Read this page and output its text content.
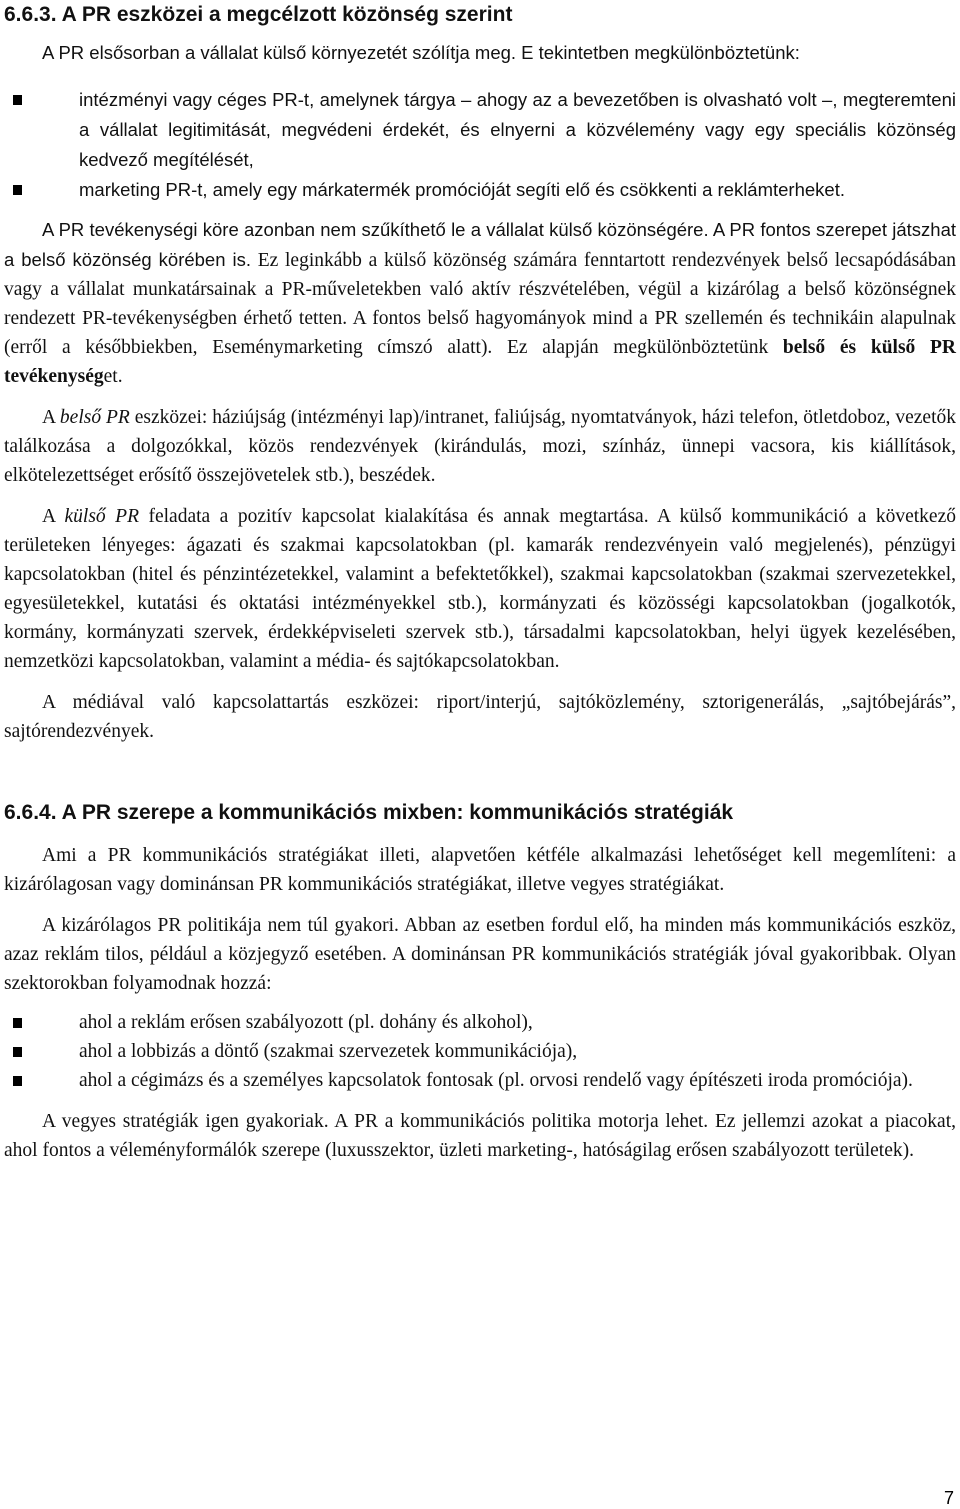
6.6.3. A PR eszközei a megcélzott közönség szerint

A PR elsősorban a vállalat külső környezetét szólítja meg. E tekintetben megkülönböztetünk:

intézményi vagy céges PR-t, amelynek tárgya – ahogy az a bevezetőben is olvasható volt –, megteremteni a vállalat legitimitását, megvédeni érdekét, és elnyerni a közvélemény vagy egy speciális közönség kedvező megítélését,
marketing PR-t, amely egy márkatermék promócióját segíti elő és csökkenti a reklámterheket.

A PR tevékenységi köre azonban nem szűkíthető le a vállalat külső közönségére. A PR fontos szerepet játszhat a belső közönség körében is. Ez leginkább a külső közönség számára fenntartott rendezvények belső lecsapódásában vagy a vállalat munkatársainak a PR-műveletekben való aktív részvételében, végül a kizárólag a belső közönségnek rendezett PR-tevékenységben érhető tetten. A fontos belső hagyományok mind a PR szellemén és technikáin alapulnak (erről a későbbiekben, Eseménymarketing címszó alatt). Ez alapján megkülönböztetünk belső és külső PR tevékenységet.

A belső PR eszközei: háziújság (intézményi lap)/intranet, faliújság, nyomtatványok, házi telefon, ötletdoboz, vezetők találkozása a dolgozókkal, közös rendezvények (kirándulás, mozi, színház, ünnepi vacsora, kis kiállítások, elkötelezettséget erősítő összejövetelek stb.), beszédek.

A külső PR feladata a pozitív kapcsolat kialakítása és annak megtartása. A külső kommunikáció a következő területeken lényeges: ágazati és szakmai kapcsolatokban (pl. kamarák rendezvényein való megjelenés), pénzügyi kapcsolatokban (hitel és pénzintézetekkel, valamint a befektetőkkel), szakmai kapcsolatokban (szakmai szervezetekkel, egyesületekkel, kutatási és oktatási intézményekkel stb.), kormányzati és közösségi kapcsolatokban (jogalkotók, kormány, kormányzati szervek, érdekképviseleti szervek stb.), társadalmi kapcsolatokban, helyi ügyek kezelésében, nemzetközi kapcsolatokban, valamint a média- és sajtókapcsolatokban.

A médiával való kapcsolattartás eszközei: riport/interjú, sajtóközlemény, sztorigenerálás, „sajtóbejárás”, sajtórendezvények.

6.6.4. A PR szerepe a kommunikációs mixben: kommunikációs stratégiák

Ami a PR kommunikációs stratégiákat illeti, alapvetően kétféle alkalmazási lehetőséget kell megemlíteni: a kizárólagosan vagy dominánsan PR kommunikációs stratégiákat, illetve vegyes stratégiákat.

A kizárólagos PR politikája nem túl gyakori. Abban az esetben fordul elő, ha minden más kommunikációs eszköz, azaz reklám tilos, például a közjegyző esetében. A dominánsan PR kommunikációs stratégiák jóval gyakoribbak. Olyan szektorokban folyamodnak hozzá:

ahol a reklám erősen szabályozott (pl. dohány és alkohol),
ahol a lobbizás a döntő (szakmai szervezetek kommunikációja),
ahol a cégimázs és a személyes kapcsolatok fontosak (pl. orvosi rendelő vagy építészeti iroda promóciója).

A vegyes stratégiák igen gyakoriak. A PR a kommunikációs politika motorja lehet. Ez jellemzi azokat a piacokat, ahol fontos a véleményformálók szerepe (luxusszektor, üzleti marketing-, hatóságilag erősen szabályozott területek).

7
